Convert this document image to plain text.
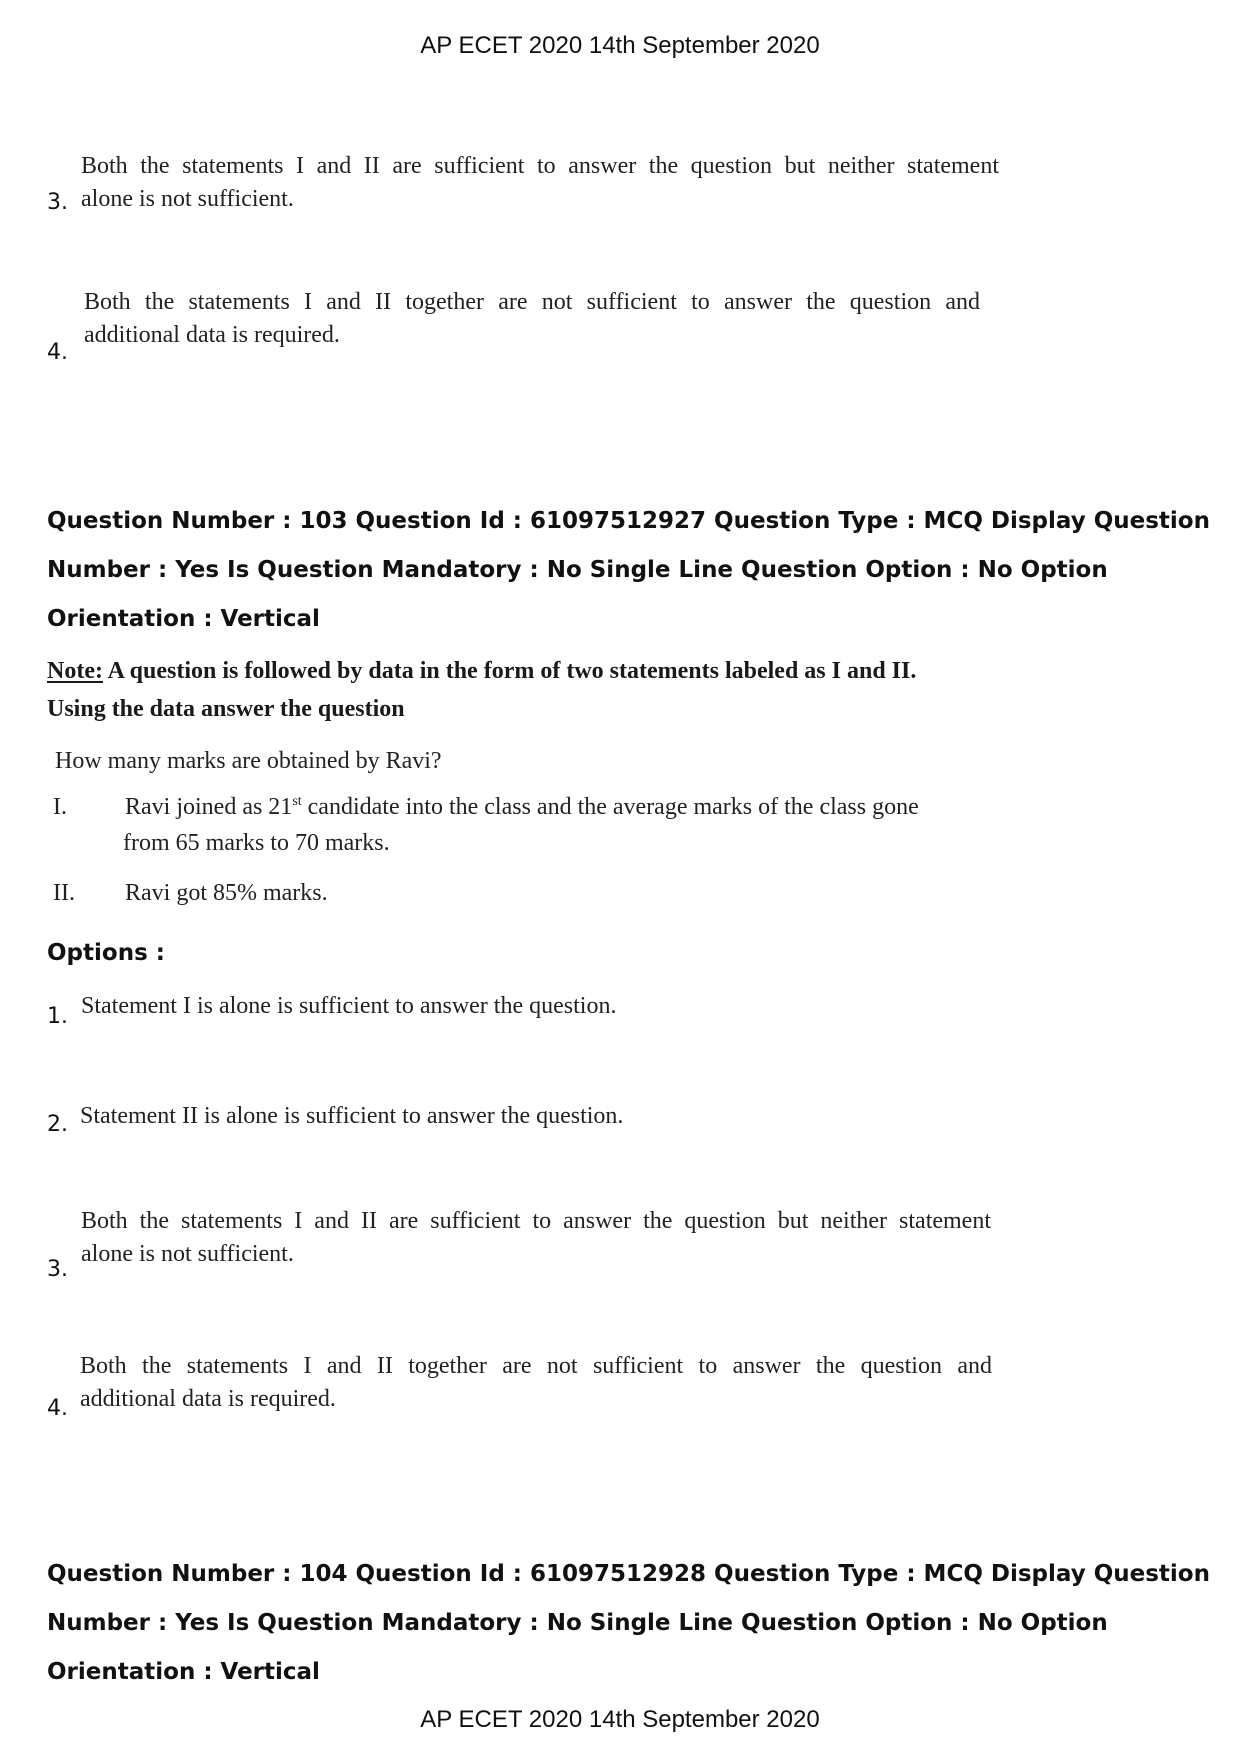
AP ECET 2020 14th September 2020
3.
Both the statements I and II are sufficient to answer the question but neither statement
alone is not sufficient.
4.
Both the statements I and II together are not sufficient to answer the question and
additional data is required.
Question Number : 103 Question Id : 61097512927 Question Type : MCQ Display Question
Number : Yes Is Question Mandatory : No Single Line Question Option : No Option
Orientation : Vertical
Note: A question is followed by data in the form of two statements labeled as I and II.
Using the data answer the question
How many marks are obtained by Ravi?
I. Ravi joined as 21st candidate into the class and the average marks of the class gone
from 65 marks to 70 marks.
II. Ravi got 85% marks.
Options :
1. Statement I is alone is sufficient to answer the question.
2. Statement II is alone is sufficient to answer the question.
3.
Both the statements I and II are sufficient to answer the question but neither statement
alone is not sufficient.
4.
Both the statements I and II together are not sufficient to answer the question and
additional data is required.
Question Number : 104 Question Id : 61097512928 Question Type : MCQ Display Question
Number : Yes Is Question Mandatory : No Single Line Question Option : No Option
Orientation : Vertical
AP ECET 2020 14th September 2020
